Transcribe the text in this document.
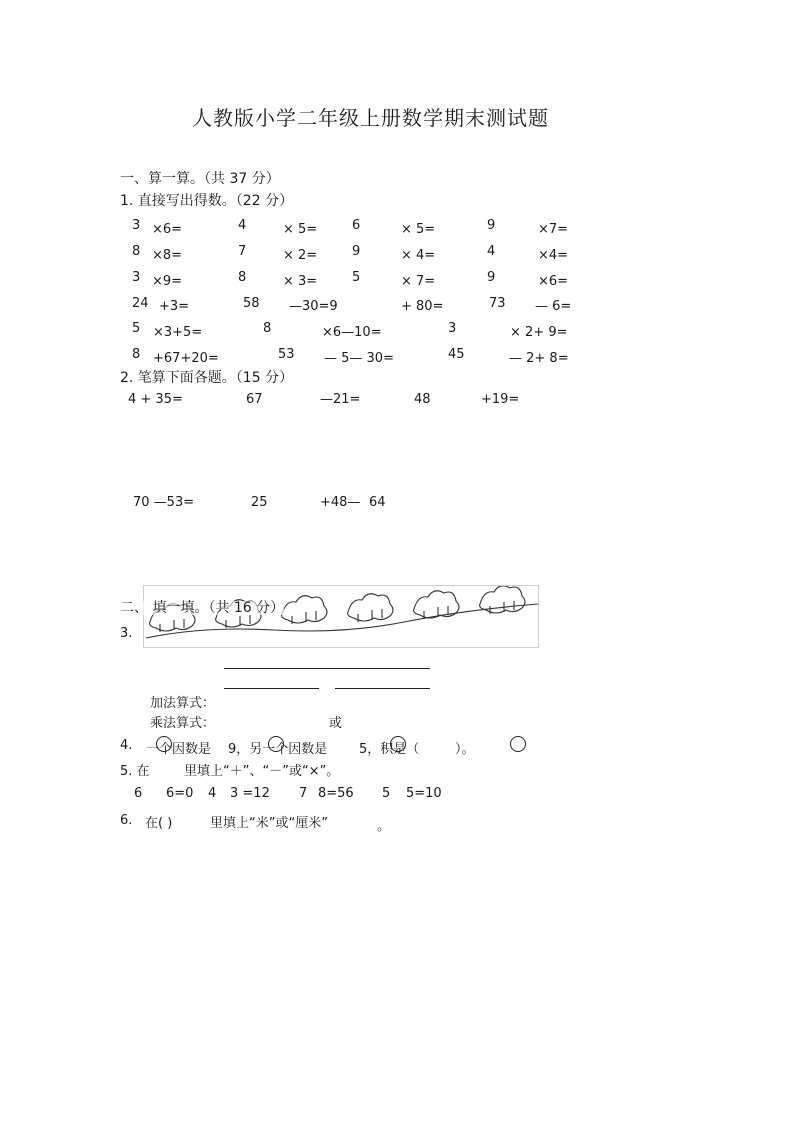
人教版小学二年级上册数学期末测试题
一、算一算。（共 37 分）
1. 直接写出得数。（22 分）
3 ×6=	4	× 5=	6	× 5=	9	×7=
8 ×8=	7	× 2=	9	× 4=	4	×4=
3 ×9=	8	× 3=	5	× 7=	9	×6=
24 +3=	58 —30=9	+ 80=	73 — 6=
5 ×3+5=	8	×6—10=	3	× 2+ 9=
8 +67+20=	53 — 5— 30=	45	— 2+ 8=
2. 笔算下面各题。（15 分）
4 + 35=	67	—21=	48	+19=
70 —53=	25	+48— 64
二、 填一填。（共 16 分）
3.
加法算式：
乘法算式：	或
4. 一个因数是 9，另一个因数是 5，积是（	）。
5. 在	里填上“＋”、“－”或“×”。
6 6=0 4 3 =12 7 8=56 5 5=10
6. 在( )	里填上“米”或“厘米”	。
